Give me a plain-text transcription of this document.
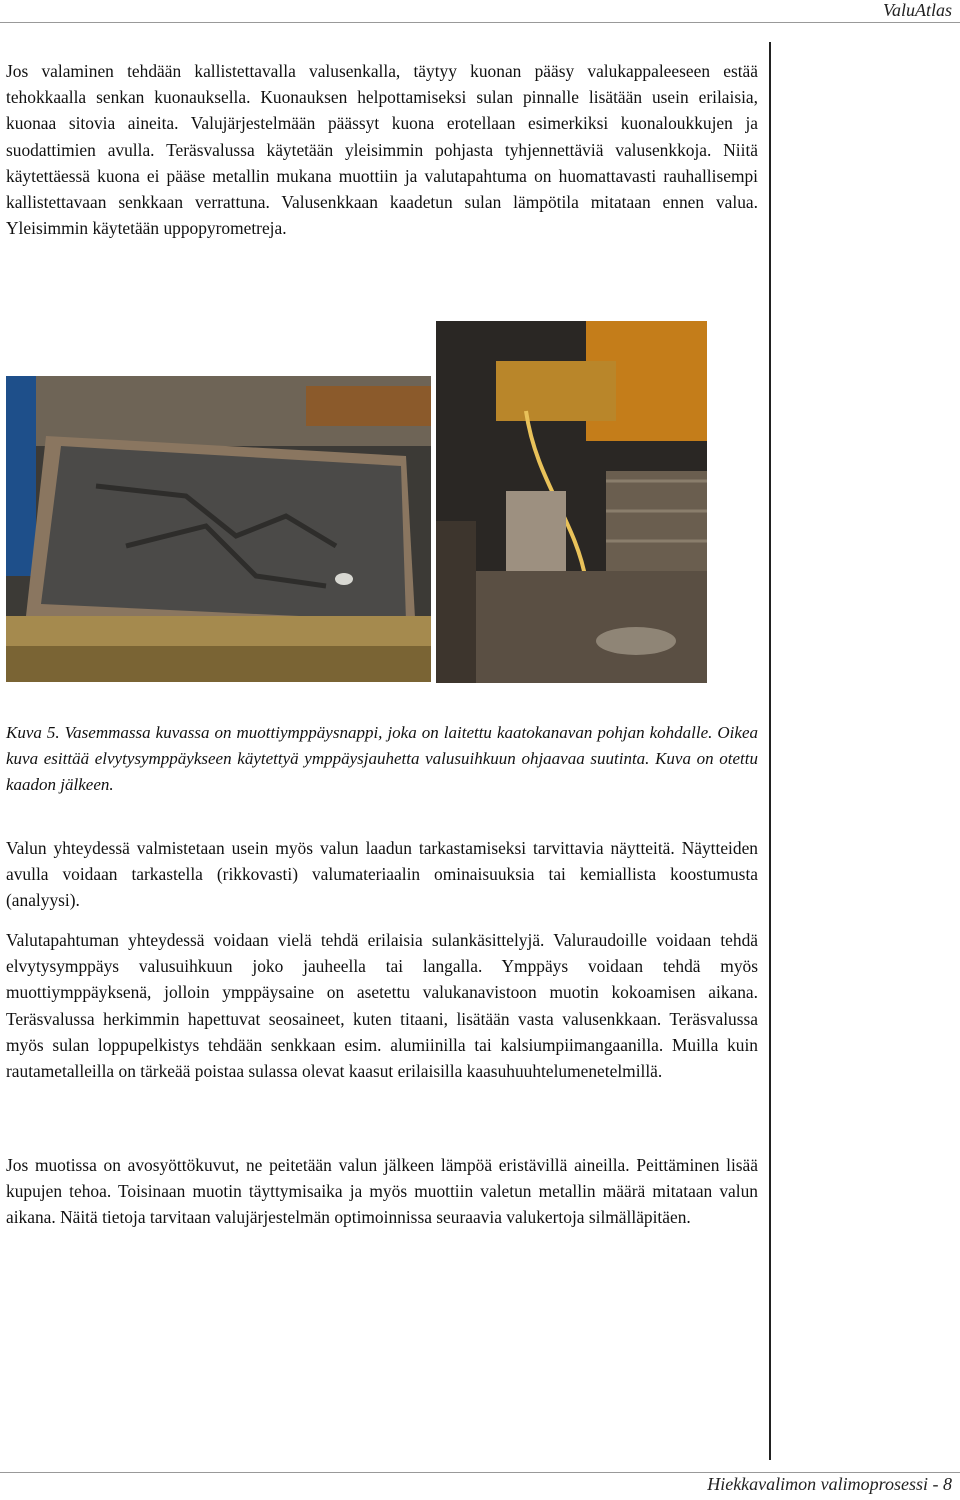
ValuAtlas

Jos valaminen tehdään kallistettavalla valusenkalla, täytyy kuonan pääsy valukappaleeseen estää tehokkaalla senkan kuonauksella. Kuonauksen helpottamiseksi sulan pinnalle lisätään usein erilaisia, kuonaa sitovia aineita. Valujärjestelmään päässyt kuona erotellaan esimerkiksi kuonaloukkujen ja suodattimien avulla. Teräsvalussa käytetään yleisimmin pohjasta tyhjennettäviä valusenkkoja. Niitä käytettäessä kuona ei pääse metallin mukana muottiin ja valutapahtuma on huomattavasti rauhallisempi kallistettavaan senkkaan verrattuna. Valusenkkaan kaadetun sulan lämpötila mitataan ennen valua. Yleisimmin käytetään uppopyrometreja.

Kuva 5. Vasemmassa kuvassa on muottiymppäysnappi, joka on laitettu kaatokanavan pohjan kohdalle. Oikea kuva esittää elvytysymppäykseen käytettyä ymppäysjauhetta valusuihkuun ohjaavaa suutinta. Kuva on otettu kaadon jälkeen.

Valun yhteydessä valmistetaan usein myös valun laadun tarkastamiseksi tarvittavia näytteitä. Näytteiden avulla voidaan tarkastella (rikkovasti) valumateriaalin ominaisuuksia tai kemiallista koostumusta (analyysi).

Valutapahtuman yhteydessä voidaan vielä tehdä erilaisia sulankäsittelyjä. Valuraudoille voidaan tehdä elvytysymppäys valusuihkuun joko jauheella tai langalla. Ymppäys voidaan tehdä myös muottiymppäyksenä, jolloin ymppäysaine on asetettu valukanavistoon muotin kokoamisen aikana. Teräsvalussa herkimmin hapettuvat seosaineet, kuten titaani, lisätään vasta valusenkkaan. Teräsvalussa myös sulan loppupelkistys tehdään senkkaan esim. alumiinilla tai kalsiumpiimangaanilla. Muilla kuin rautametalleilla on tärkeää poistaa sulassa olevat kaasut erilaisilla kaasuhuuhtelumenetelmillä.

Jos muotissa on avosyöttökuvut, ne peitetään valun jälkeen lämpöä eristävillä aineilla. Peittäminen lisää kupujen tehoa. Toisinaan muotin täyttymisaika ja myös muottiin valetun metallin määrä mitataan valun aikana. Näitä tietoja tarvitaan valujärjestelmän optimoinnissa seuraavia valukertoja silmälläpitäen.

Hiekkavalimon valimoprosessi - 8
